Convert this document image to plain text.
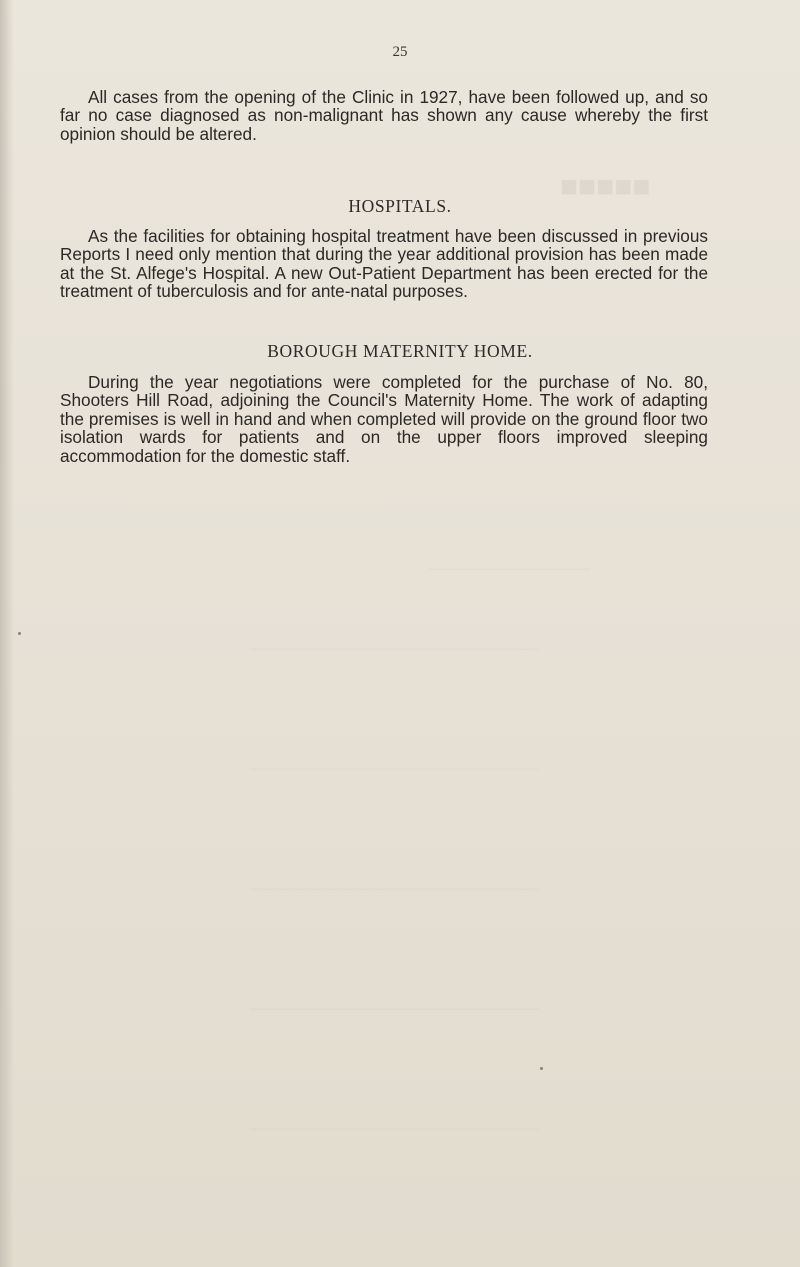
■■■■■
——————————
——————————————————
——————————————————
——————————————————
——————————————————
——————————————————
25

All cases from the opening of the Clinic in 1927, have been followed up, and so far no case diagnosed as non-malignant has shown any cause whereby the first opinion should be altered.

HOSPITALS.

As the facilities for obtaining hospital treatment have been discussed in previous Reports I need only mention that during the year additional provision has been made at the St. Alfege's Hospital. A new Out-Patient Department has been erected for the treatment of tuberculosis and for ante-natal purposes.

BOROUGH MATERNITY HOME.

During the year negotiations were completed for the purchase of No. 80, Shooters Hill Road, adjoining the Council's Maternity Home. The work of adapting the premises is well in hand and when completed will provide on the ground floor two isolation wards for patients and on the upper floors improved sleeping accommodation for the domestic staff.
